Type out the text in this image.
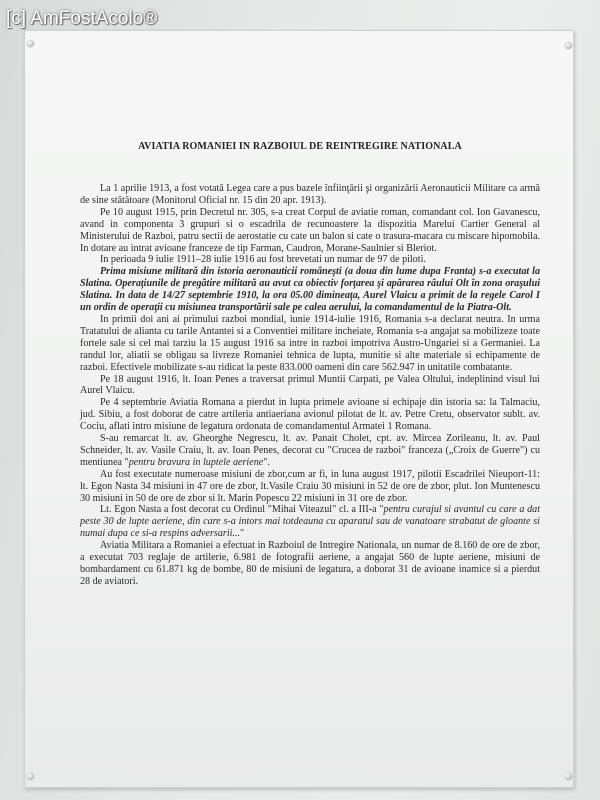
[c] AmFostAcolo®
AVIATIA ROMANIEI IN RAZBOIUL DE REINTREGIRE NATIONALA

La 1 aprilie 1913, a fost votată Legea care a pus bazele înfiinţării şi organizării Aeronauticii Militare ca armă de sine stătătoare (Monitorul Oficial nr. 15 din 20 apr. 1913).

Pe 10 august 1915, prin Decretul nr. 305, s-a creat Corpul de aviatie roman, comandant col. Ion Gavanescu, avand in componenta 3 grupuri si o escadrila de recunoastere la dispozitia Marelui Cartier General al Ministerului de Razboi, patru sectii de aerostatie cu cate un balon si cate o trasura-macara cu miscare hipomobila. In dotare au intrat avioane franceze de tip Farman, Caudron, Morane-Saulnier si Bleriot.

In perioada 9 iulie 1911–28 iulie 1916 au fost brevetati un numar de 97 de piloti.

Prima misiune militară din istoria aeronauticii româneşti (a doua din lume dupa Franta) s-a executat la Slatina. Operaţiunile de pregătire militară au avut ca obiectiv forţarea şi apărarea râului Olt în zona oraşului Slatina. In data de 14/27 septembrie 1910, la ora 05.00 dimineaţa, Aurel Vlaicu a primit de la regele Carol I un ordin de operaţii cu misiunea transportării sale pe calea aerului, la comandamentul de la Piatra-Olt.

In primii doi ani ai primului razboi mondial, iunie 1914-iulie 1916, Romania s-a declarat neutra. In urma Tratatului de alianta cu tarile Antantei si a Conventiei militare incheiate, Romania s-a angajat sa mobilizeze toate fortele sale si cel mai tarziu la 15 august 1916 sa intre in razboi impotriva Austro-Ungariei si a Germaniei. La randul lor, aliatii se obligau sa livreze Romaniei tehnica de lupta, munitie si alte materiale si echipamente de razboi. Efectivele mobilizate s-au ridicat la peste 833.000 oameni din care 562.947 in unitatile combatante.

Pe 18 august 1916, lt. Ioan Penes a traversat primul Muntii Carpati, pe Valea Oltului, indeplinind visul lui Aurel Vlaicu.

Pe 4 septembrie Aviatia Romana a pierdut in lupta primele avioane si echipaje din istoria sa: la Talmaciu, jud. Sibiu, a fost doborat de catre artileria antiaeriana avionul pilotat de lt. av. Petre Cretu, observator sublt. av. Cociu, aflati intro misiune de legatura ordonata de comandamentul Armatei 1 Romana.

S-au remarcat lt. av. Gheorghe Negrescu, lt. av. Panait Cholet, cpt. av. Mircea Zorileanu, lt. av. Paul Schneider, lt. av. Vasile Craiu, lt. av. Ioan Penes, decorat cu "Crucea de razboi" franceza („Croix de Guerre") cu mentiunea "pentru bravura in luptele aeriene".

Au fost executate numeroase misiuni de zbor,cum ar fi, in luna august 1917, pilotii Escadrilei Nieuport-11: lt. Egon Nasta 34 misiuni in 47 ore de zbor, lt.Vasile Craiu 30 misiuni in 52 de ore de zbor, plut. Ion Muntenescu 30 misiuni in 50 de ore de zbor si lt. Marin Popescu 22 misiuni in 31 ore de zbor.

Lt. Egon Nasta a fost decorat cu Ordinul "Mihai Viteazul" cl. a III-a "pentru curajul si avantul cu care a dat peste 30 de lupte aeriene, din care s-a intors mai totdeauna cu aparatul sau de vanatoare strabatut de gloante si numai dupa ce si-a respins adversarii..."

Aviatia Militara a Romaniei a efectuat in Razboiul de Intregire Nationala, un numar de 8.160 de ore de zbor, a executat 703 reglaje de artilerie, 6.981 de fotografii aeriene, a angajat 560 de lupte aeriene, misiuni de bombardament cu 61.871 kg de bombe, 80 de misiuni de legatura, a doborat 31 de avioane inamice si a pierdut 28 de aviatori.
